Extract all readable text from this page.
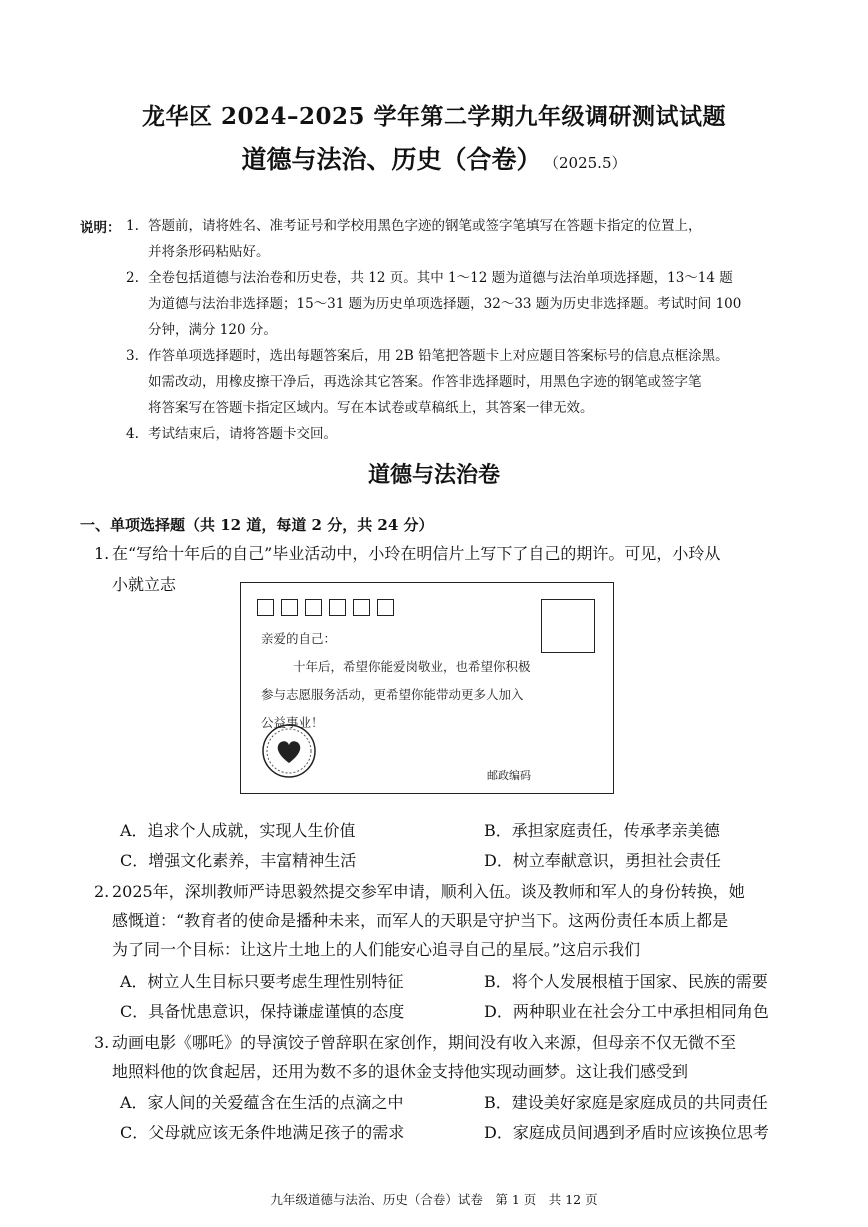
龙华区 2024–2025 学年第二学期九年级调研测试试题
道德与法治、历史（合卷） （2025.5）
说明： 1. 答题前，请将姓名、准考证号和学校用黑色字迹的钢笔或签字笔填写在答题卡指定的位置上，
并将条形码粘贴好。
2. 全卷包括道德与法治卷和历史卷，共 12 页。其中 1～12 题为道德与法治单项选择题，13～14 题
为道德与法治非选择题；15～31 题为历史单项选择题，32～33 题为历史非选择题。考试时间 100
分钟，满分 120 分。
3. 作答单项选择题时，选出每题答案后，用 2B 铅笔把答题卡上对应题目答案标号的信息点框涂黑。
如需改动，用橡皮擦干净后，再选涂其它答案。作答非选择题时，用黑色字迹的钢笔或签字笔
将答案写在答题卡指定区域内。写在本试卷或草稿纸上，其答案一律无效。
4. 考试结束后，请将答题卡交回。
道德与法治卷
一、单项选择题（共 12 道，每道 2 分，共 24 分）
1. 在“写给十年后的自己”毕业活动中，小玲在明信片上写下了自己的期许。可见，小玲从
小就立志
亲爱的自己：
十年后，希望你能爱岗敬业，也希望你积极
参与志愿服务活动，更希望你能带动更多人加入
公益事业！
邮政编码
A．追求个人成就，实现人生价值	B．承担家庭责任，传承孝亲美德
C．增强文化素养，丰富精神生活	D．树立奉献意识，勇担社会责任
2. 2025年，深圳教师严诗思毅然提交参军申请，顺利入伍。谈及教师和军人的身份转换，她
感慨道：“教育者的使命是播种未来，而军人的天职是守护当下。这两份责任本质上都是
为了同一个目标：让这片土地上的人们能安心追寻自己的星辰。”这启示我们
A．树立人生目标只要考虑生理性别特征	B．将个人发展根植于国家、民族的需要
C．具备忧患意识，保持谦虚谨慎的态度	D．两种职业在社会分工中承担相同角色
3. 动画电影《哪吒》的导演饺子曾辞职在家创作，期间没有收入来源，但母亲不仅无微不至
地照料他的饮食起居，还用为数不多的退休金支持他实现动画梦。这让我们感受到
A．家人间的关爱蕴含在生活的点滴之中	B．建设美好家庭是家庭成员的共同责任
C．父母就应该无条件地满足孩子的需求	D．家庭成员间遇到矛盾时应该换位思考
九年级道德与法治、历史（合卷）试卷　第 1 页　共 12 页
